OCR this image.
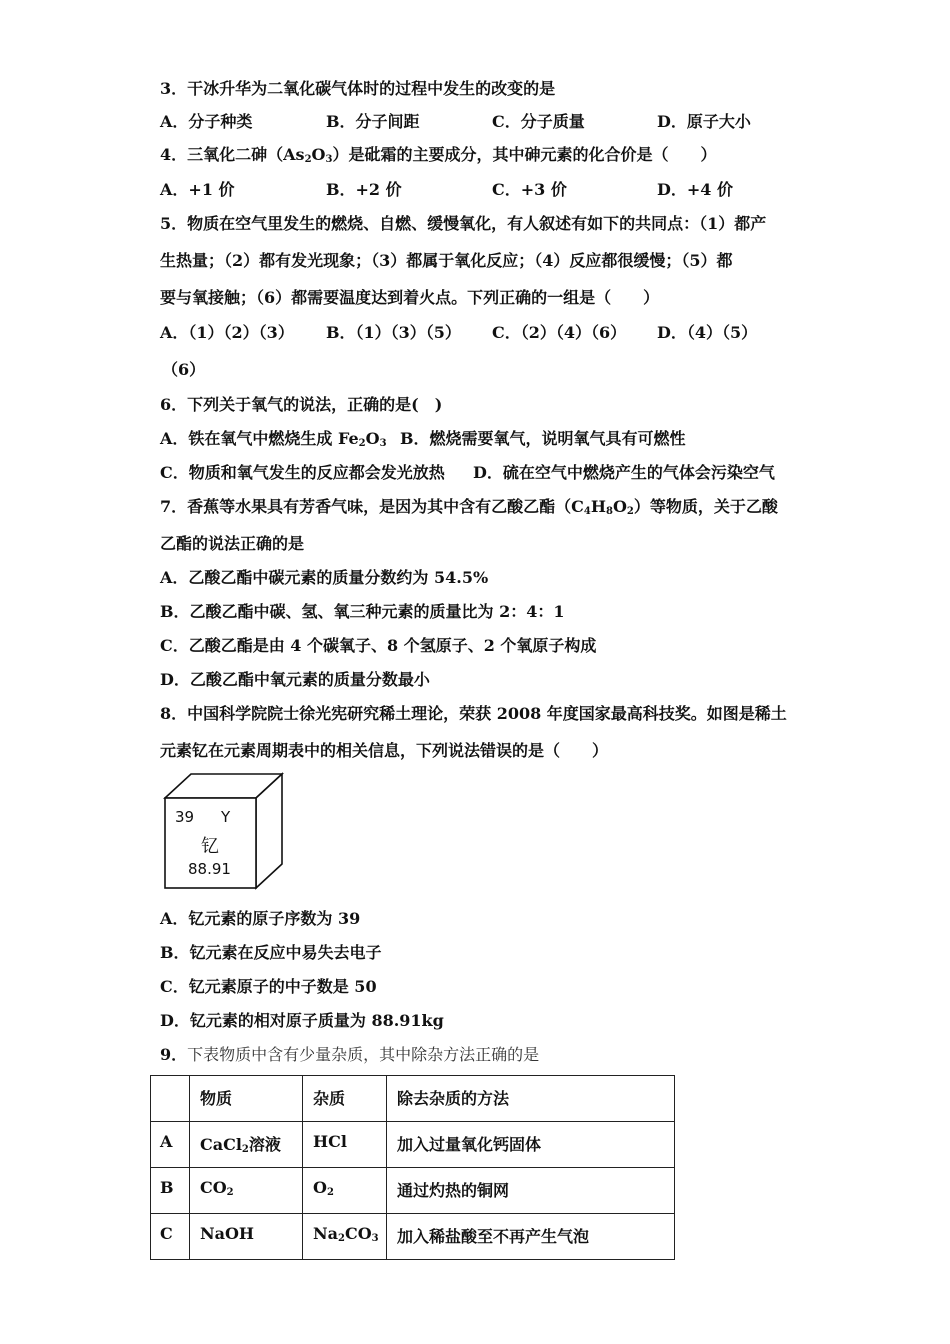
3．干冰升华为二氧化碳气体时的过程中发生的改变的是
A．分子种类	B．分子间距	C．分子质量	D．原子大小
4．三氧化二砷$(As_2O_3)$是砒霜的主要成分，其中砷元素的化合价是（　　）
A．+1 价	B．+2 价	C．+3 价	D．+4 价
5．物质在空气里发生的燃烧、自燃、缓慢氧化，有人叙述有如下的共同点：（1）都产
生热量；（2）都有发光现象；（3）都属于氧化反应；（4）反应都很缓慢；（5）都
要与氧接触；（6）都需要温度达到着火点。下列正确的一组是（　　）
A．（1）（2）（3） B．（1）（3）（5） C．（2）（4）（6） D．（4）（5）
（6）
6．下列关于氧气的说法，正确的是(　)
A．铁在氧气中燃烧生成 $Fe_2O_3$ B．燃烧需要氧气，说明氧气具有可燃性
C．物质和氧气发生的反应都会发光放热 D．硫在空气中燃烧产生的气体会污染空气
7．香蕉等水果具有芳香气味，是因为其中含有乙酸乙酯$(C_4H_8O_2)$等物质，关于乙酸
乙酯的说法正确的是
A．乙酸乙酯中碳元素的质量分数约为 54.5%
B．乙酸乙酯中碳、氢、氧三种元素的质量比为 2：4：1
C．乙酸乙酯是由 4 个碳氧子、8 个氢原子、2 个氧原子构成
D．乙酸乙酯中氧元素的质量分数最小
8．中国科学院院士徐光宪研究稀土理论，荣获 2008 年度国家最高科技奖。如图是稀土
元素钇在元素周期表中的相关信息，下列说法错误的是（　　）
39 Y
钇
88.91
A．钇元素的原子序数为 39
B．钇元素在反应中易失去电子
C．钇元素原子的中子数是 50
D．钇元素的相对原子质量为 88.91kg
9．下表物质中含有少量杂质，其中除杂方法正确的是
	物质	杂质	除去杂质的方法
A	CaCl$_2$溶液	HCl	加入过量氧化钙固体
B	$CO_2$	$O_2$	通过灼热的铜网
C	NaOH	$Na_2CO_3$	加入稀盐酸至不再产生气泡
